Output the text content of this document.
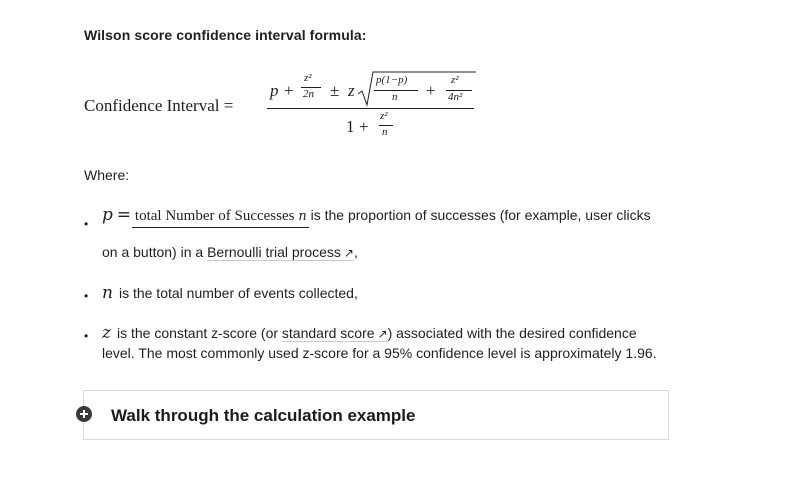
Wilson score confidence interval formula:
Confidence Interval =
p +
z²
2n ± z
p(1−p)
n +
z²
4n²
1 +
z²
n
Where:
• p = total Number of Successes n is the proportion of successes (for example, user clicks
on a button) in a Bernoulli trial process ↗,
• n is the total number of events collected,
• z is the constant z-score (or standard score ↗) associated with the desired confidence
level. The most commonly used z-score for a 95% confidence level is approximately 1.96.
Walk through the calculation example
